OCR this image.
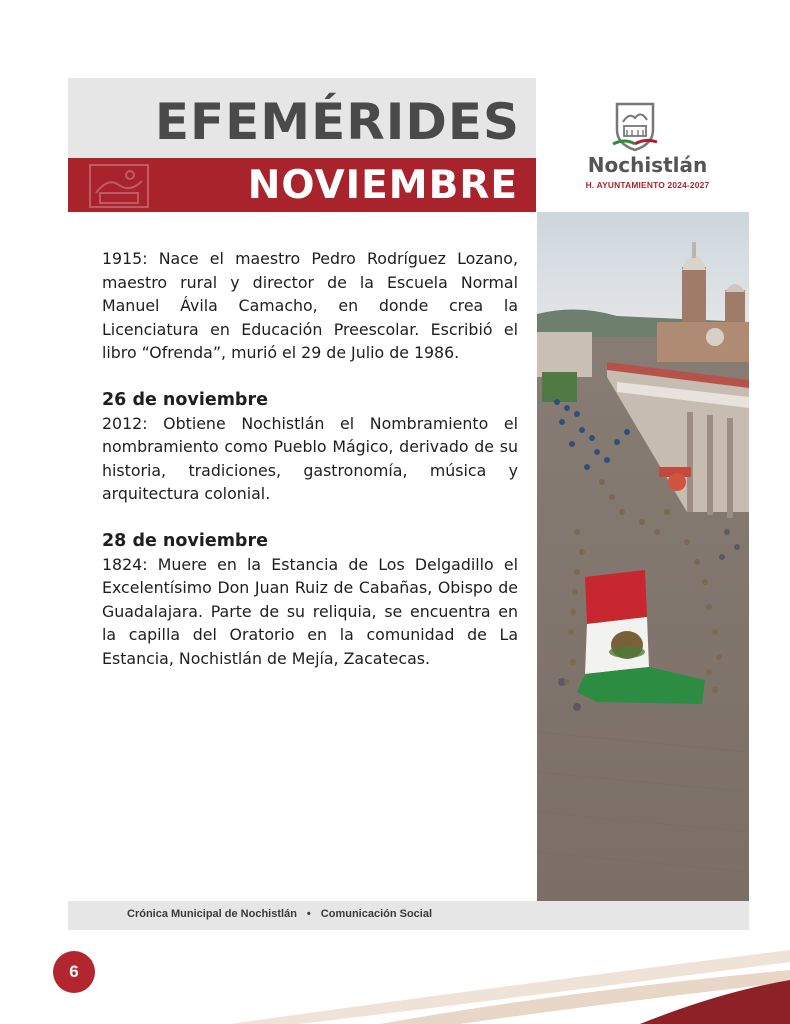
EFEMÉRIDES
NOVIEMBRE	Nochistlán
H. AYUNTAMIENTO 2024-2027

1915: Nace el maestro Pedro Rodríguez Lozano, maestro rural y director de la Escuela Normal Manuel Ávila Camacho, en donde crea la Licenciatura en Educación Preescolar. Escribió el libro “Ofrenda”, murió el 29 de Julio de 1986.

26 de noviembre

2012: Obtiene Nochistlán el Nombramiento el nombramiento como Pueblo Mágico, derivado de su historia, tradiciones, gastronomía, música y arquitectura colonial.

28 de noviembre

1824: Muere en la Estancia de Los Delgadillo el Excelentísimo Don Juan Ruiz de Cabañas, Obispo de Guadalajara. Parte de su reliquia, se encuentra en la capilla del Oratorio en la comunidad de La Estancia, Nochistlán de Mejía, Zacatecas.

Crónica Municipal de Nochistlán • Comunicación Social
6
